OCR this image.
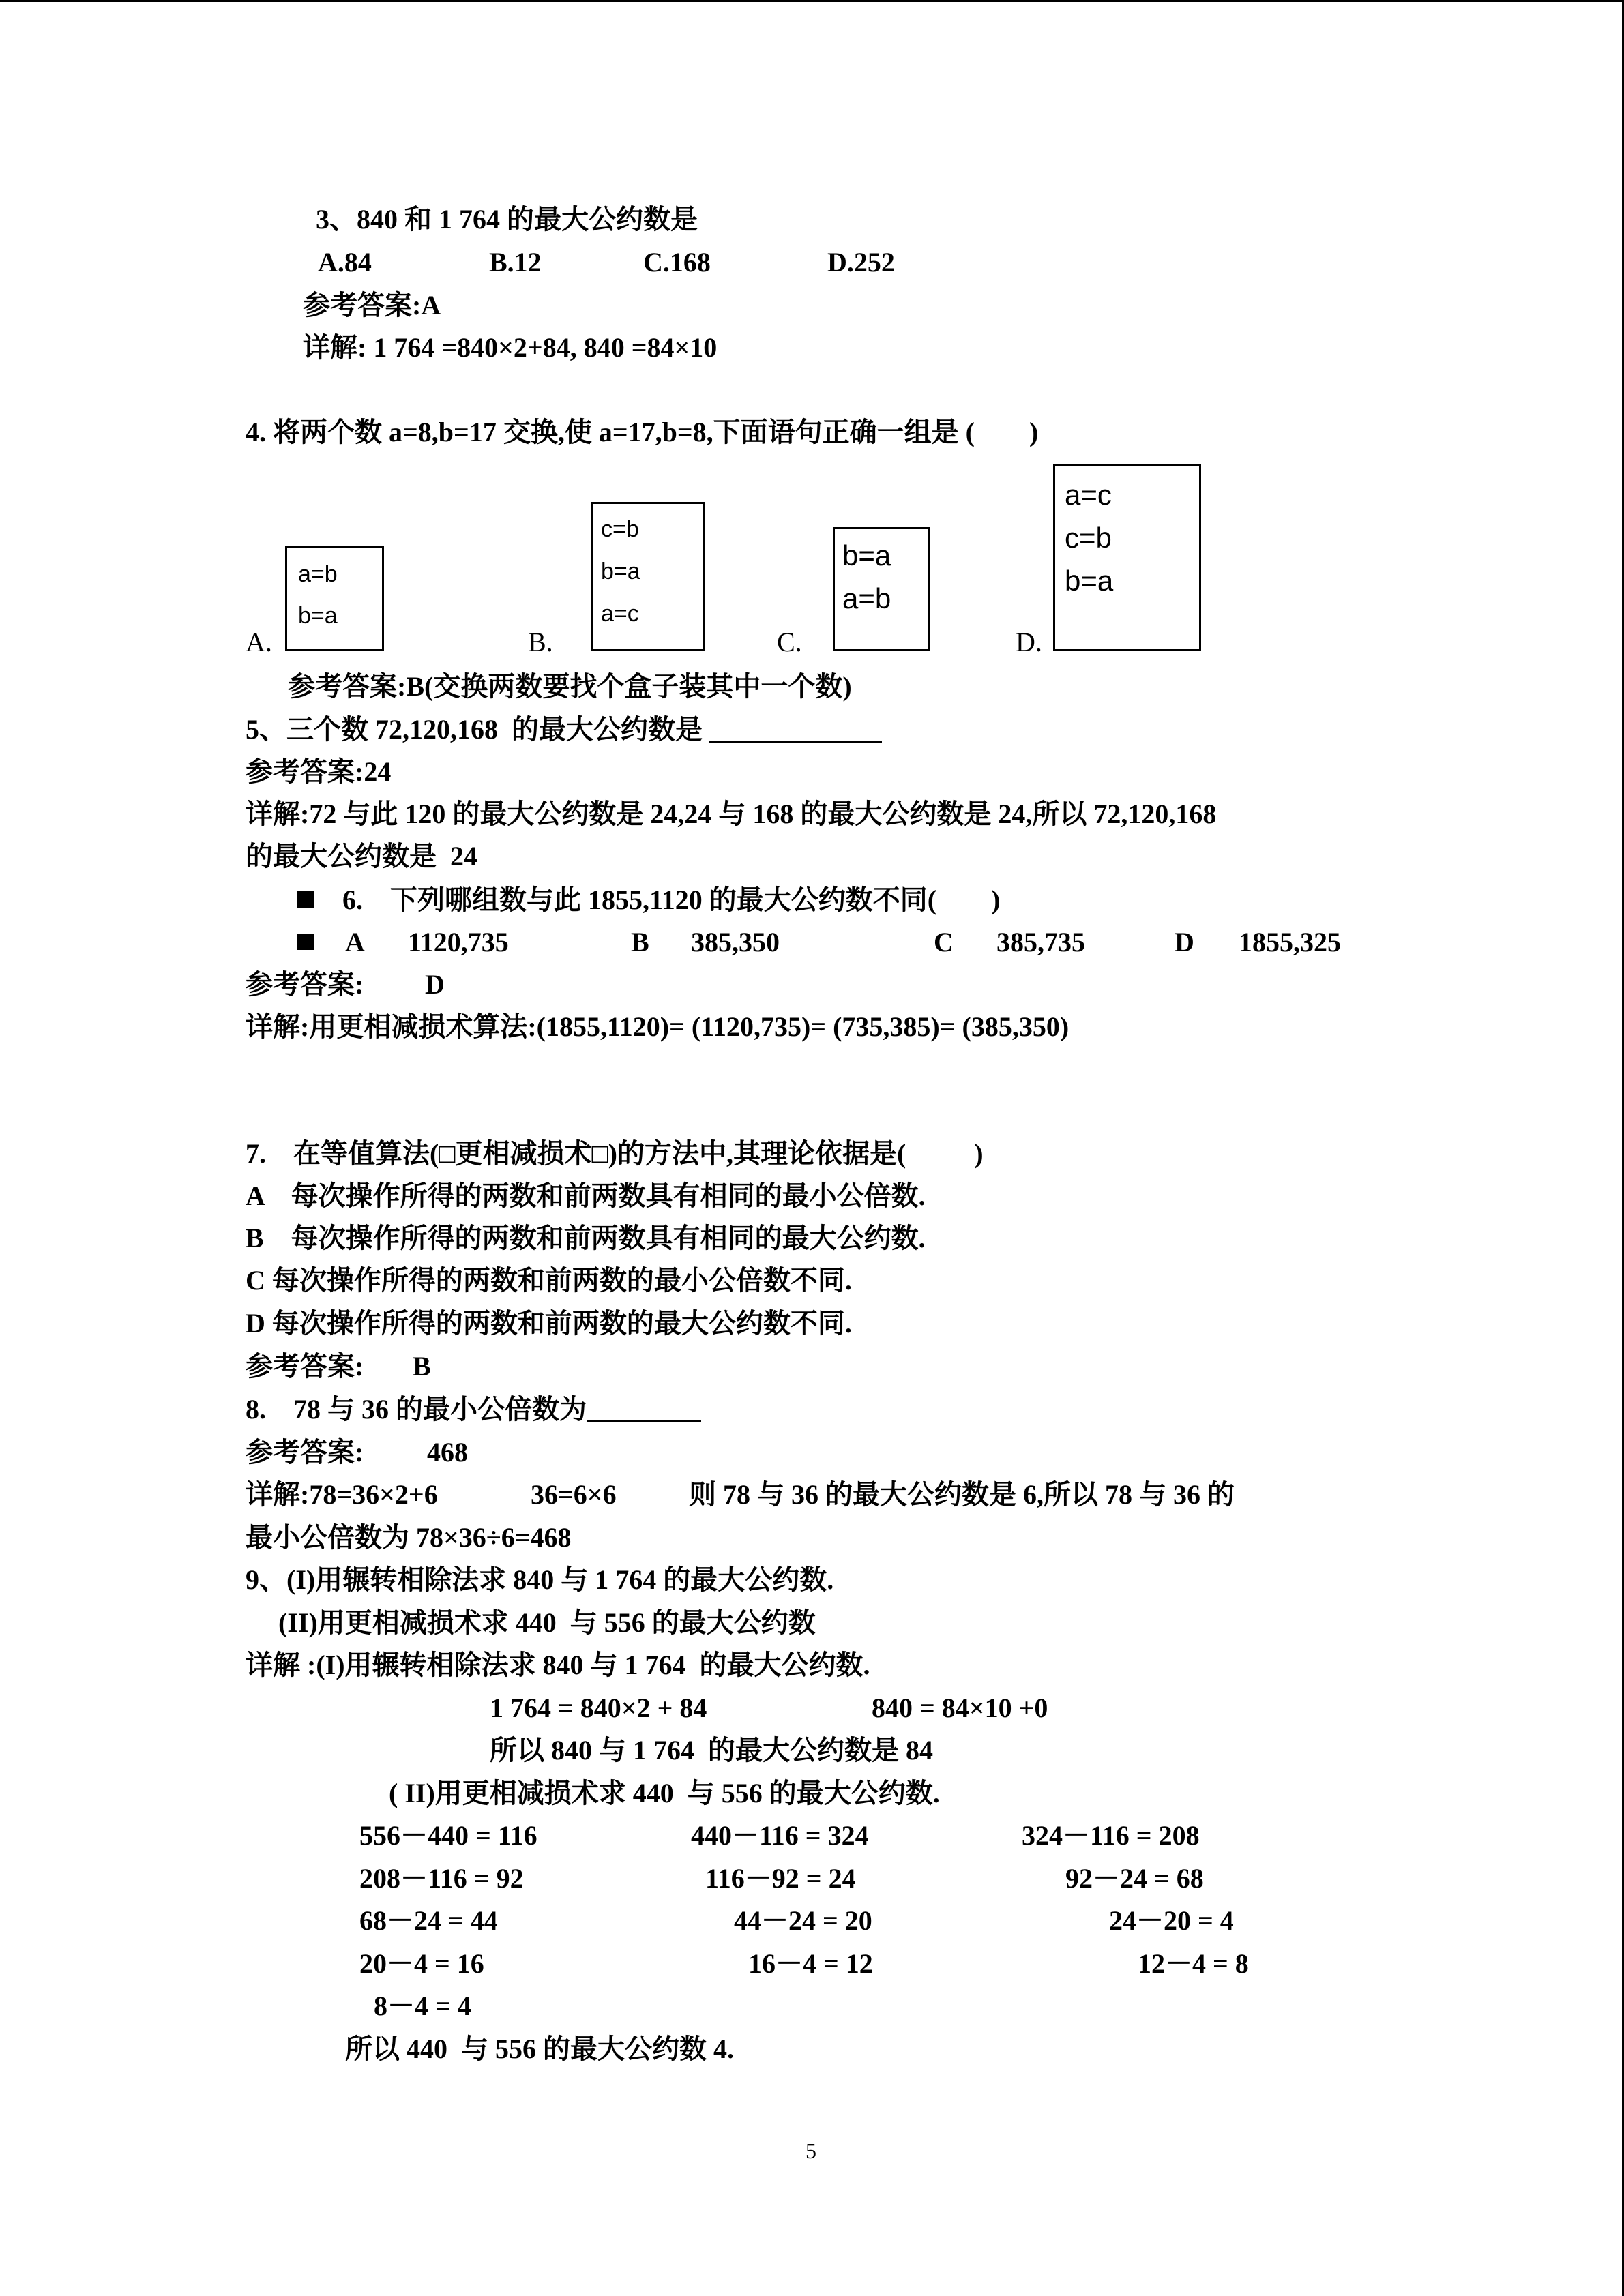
3、840 和 1 764 的最大公约数是
A.84	B.12	C.168	D.252
参考答案:A
详解: 1 764 =840×2+84, 840 =84×10
4. 将两个数 a=8,b=17 交换,使 a=17,b=8,下面语句正确一组是 (        )
a=b
b=a
c=b
b=a
a=c
b=a
a=b
a=c
c=b
b=a
A.	B.	C.	D.
参考答案:B(交换两数要找个盒子装其中一个数)
5、三个数 72,120,168  的最大公约数是
参考答案:24
详解:72 与此 120 的最大公约数是 24,24 与 168 的最大公约数是 24,所以 72,120,168
的最大公约数是  24
6.    下列哪组数与此 1855,1120 的最大公约数不同(        )
A 1120,735	B 385,350	C 385,735	D 1855,325
参考答案: D
详解:用更相减损术算法:(1855,1120)= (1120,735)= (735,385)= (385,350)
7.    在等值算法(□更相减损术□)的方法中,其理论依据是(          )
A    每次操作所得的两数和前两数具有相同的最小公倍数.
B    每次操作所得的两数和前两数具有相同的最大公约数.
C 每次操作所得的两数和前两数的最小公倍数不同.
D 每次操作所得的两数和前两数的最大公约数不同.
参考答案: B
8.    78 与 36 的最小公倍数为
参考答案: 468
详解:78=36×2+6	36=6×6	则 78 与 36 的最大公约数是 6,所以 78 与 36 的
最小公倍数为 78×36÷6=468
9、(I)用辗转相除法求 840 与 1 764 的最大公约数.
(II)用更相减损术求 440  与 556 的最大公约数
详解 :(I)用辗转相除法求 840 与 1 764  的最大公约数.
1 764 = 840×2 + 84	840 = 84×10 +0
所以 840 与 1 764  的最大公约数是 84
( II)用更相减损术求 440  与 556 的最大公约数.
556－440 = 116	440－116 = 324	324－116 = 208
208－116 = 92	116－92 = 24	92－24 = 68
68－24 = 44	44－24 = 20	24－20 = 4
20－4 = 16	16－4 = 12	12－4 = 8
8－4 = 4
所以 440  与 556 的最大公约数 4.
5
